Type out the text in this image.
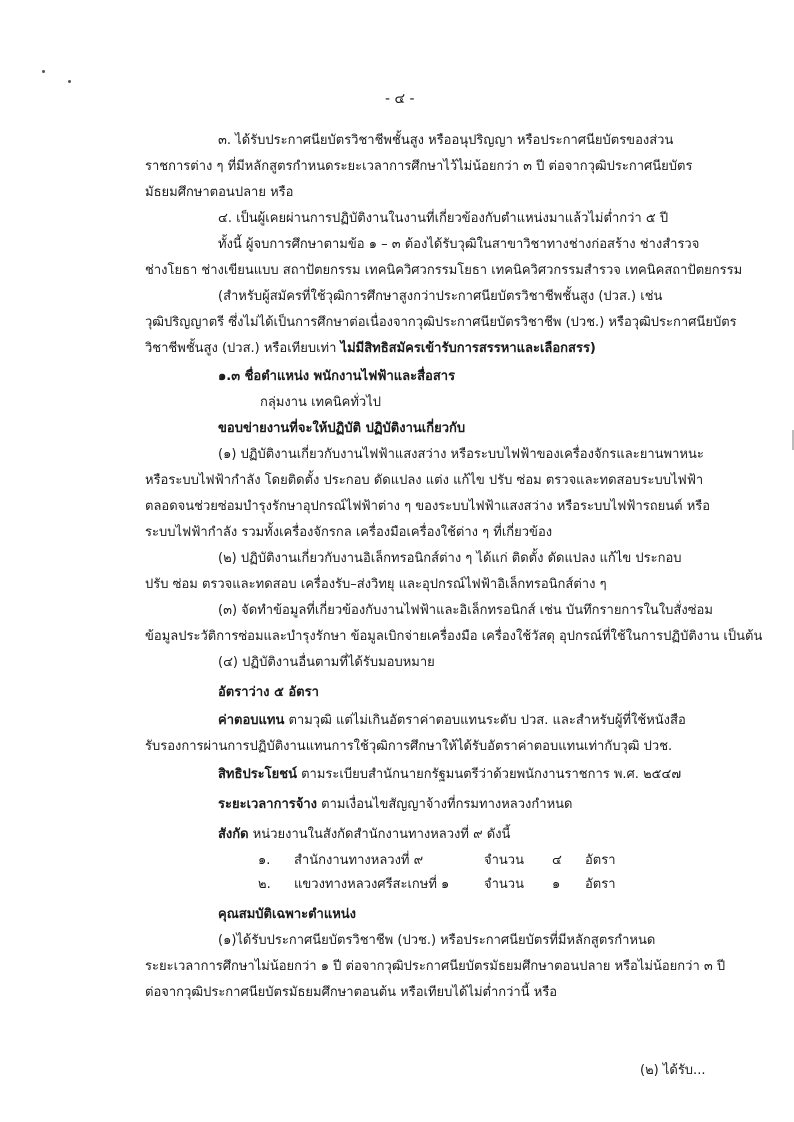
- ๔ -
๓. ได้รับประกาศนียบัตรวิชาชีพชั้นสูง หรืออนุปริญญา หรือประกาศนียบัตรของส่วน
ราชการต่าง ๆ ที่มีหลักสูตรกำหนดระยะเวลาการศึกษาไว้ไม่น้อยกว่า ๓ ปี ต่อจากวุฒิประกาศนียบัตร
มัธยมศึกษาตอนปลาย หรือ
๔. เป็นผู้เคยผ่านการปฏิบัติงานในงานที่เกี่ยวข้องกับตำแหน่งมาแล้วไม่ต่ำกว่า ๕ ปี
ทั้งนี้ ผู้จบการศึกษาตามข้อ ๑ – ๓ ต้องได้รับวุฒิในสาขาวิชาทางช่างก่อสร้าง ช่างสำรวจ
ช่างโยธา ช่างเขียนแบบ สถาปัตยกรรม เทคนิควิศวกรรมโยธา เทคนิควิศวกรรมสำรวจ เทคนิคสถาปัตยกรรม
(สำหรับผู้สมัครที่ใช้วุฒิการศึกษาสูงกว่าประกาศนียบัตรวิชาชีพชั้นสูง (ปวส.) เช่น
วุฒิปริญญาตรี ซึ่งไม่ได้เป็นการศึกษาต่อเนื่องจากวุฒิประกาศนียบัตรวิชาชีพ (ปวช.) หรือวุฒิประกาศนียบัตร
วิชาชีพชั้นสูง (ปวส.) หรือเทียบเท่า ไม่มีสิทธิสมัครเข้ารับการสรรหาและเลือกสรร)
๑.๓ ชื่อตำแหน่ง พนักงานไฟฟ้าและสื่อสาร
กลุ่มงาน เทคนิคทั่วไป
ขอบข่ายงานที่จะให้ปฏิบัติ ปฏิบัติงานเกี่ยวกับ
(๑) ปฏิบัติงานเกี่ยวกับงานไฟฟ้าแสงสว่าง หรือระบบไฟฟ้าของเครื่องจักรและยานพาหนะ
หรือระบบไฟฟ้ากำลัง โดยติดตั้ง ประกอบ ดัดแปลง แต่ง แก้ไข ปรับ ซ่อม ตรวจและทดสอบระบบไฟฟ้า
ตลอดจนช่วยซ่อมบำรุงรักษาอุปกรณ์ไฟฟ้าต่าง ๆ ของระบบไฟฟ้าแสงสว่าง หรือระบบไฟฟ้ารถยนต์ หรือ
ระบบไฟฟ้ากำลัง รวมทั้งเครื่องจักรกล เครื่องมือเครื่องใช้ต่าง ๆ ที่เกี่ยวข้อง
(๒) ปฏิบัติงานเกี่ยวกับงานอิเล็กทรอนิกส์ต่าง ๆ ได้แก่ ติดตั้ง ดัดแปลง แก้ไข ประกอบ
ปรับ ซ่อม ตรวจและทดสอบ เครื่องรับ–ส่งวิทยุ และอุปกรณ์ไฟฟ้าอิเล็กทรอนิกส์ต่าง ๆ
(๓) จัดทำข้อมูลที่เกี่ยวข้องกับงานไฟฟ้าและอิเล็กทรอนิกส์ เช่น บันทึกรายการในใบสั่งซ่อม
ข้อมูลประวัติการซ่อมและบำรุงรักษา ข้อมูลเบิกจ่ายเครื่องมือ เครื่องใช้วัสดุ อุปกรณ์ที่ใช้ในการปฏิบัติงาน เป็นต้น
(๔) ปฏิบัติงานอื่นตามที่ได้รับมอบหมาย
อัตราว่าง ๕ อัตรา
ค่าตอบแทน ตามวุฒิ แต่ไม่เกินอัตราค่าตอบแทนระดับ ปวส. และสำหรับผู้ที่ใช้หนังสือ
รับรองการผ่านการปฏิบัติงานแทนการใช้วุฒิการศึกษาให้ได้รับอัตราค่าตอบแทนเท่ากับวุฒิ ปวช.
สิทธิประโยชน์ ตามระเบียบสำนักนายกรัฐมนตรีว่าด้วยพนักงานราชการ พ.ศ. ๒๕๔๗
ระยะเวลาการจ้าง ตามเงื่อนไขสัญญาจ้างที่กรมทางหลวงกำหนด
สังกัด หน่วยงานในสังกัดสำนักงานทางหลวงที่ ๙ ดังนี้
๑. สำนักงานทางหลวงที่ ๙	จำนวน ๔ อัตรา
๒. แขวงทางหลวงศรีสะเกษที่ ๑	จำนวน ๑ อัตรา
คุณสมบัติเฉพาะตำแหน่ง
(๑)ได้รับประกาศนียบัตรวิชาชีพ (ปวช.) หรือประกาศนียบัตรที่มีหลักสูตรกำหนด
ระยะเวลาการศึกษาไม่น้อยกว่า ๑ ปี ต่อจากวุฒิประกาศนียบัตรมัธยมศึกษาตอนปลาย หรือไม่น้อยกว่า ๓ ปี
ต่อจากวุฒิประกาศนียบัตรมัธยมศึกษาตอนต้น หรือเทียบได้ไม่ต่ำกว่านี้ หรือ
(๒) ได้รับ...
